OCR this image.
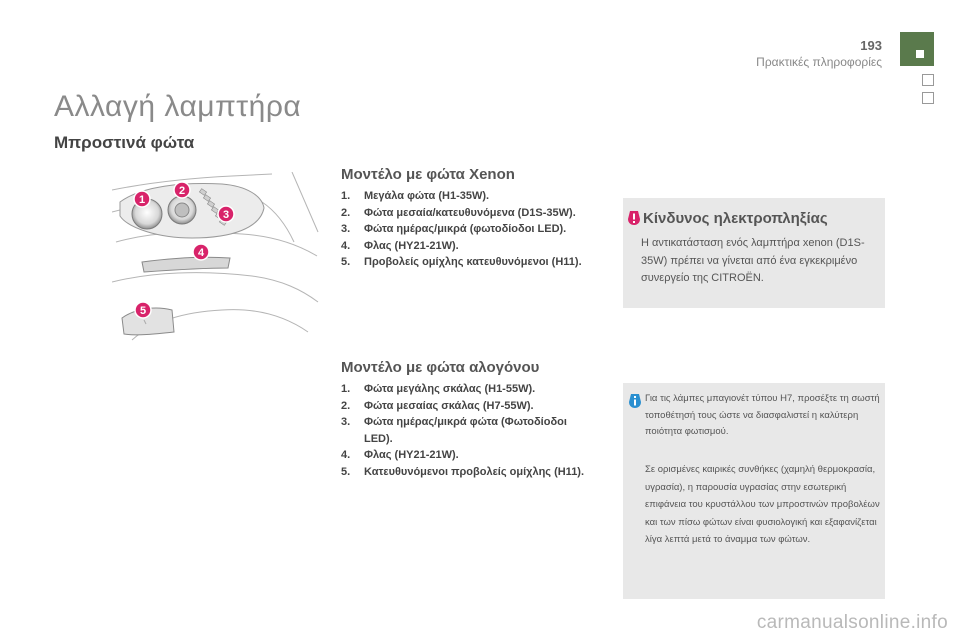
193
Πρακτικές πληροφορίες
Αλλαγή λαμπτήρα
Μπροστινά φώτα
1
2
3
4
5
Μοντέλο με φώτα Xenon
1. Μεγάλα φώτα (H1-35W).
2. Φώτα μεσαία/κατευθυνόμενα (D1S-35W).
3. Φώτα ημέρας/μικρά (φωτοδίοδοι LED).
4. Φλας (HY21-21W).
5. Προβολείς ομίχλης κατευθυνόμενοι (H11).
Μοντέλο με φώτα αλογόνου
1. Φώτα μεγάλης σκάλας (H1-55W).
2. Φώτα μεσαίας σκάλας (H7-55W).
3. Φώτα ημέρας/μικρά φώτα (Φωτοδίοδοι LED).
4. Φλας (HY21-21W).
5. Κατευθυνόμενοι προβολείς ομίχλης (H11).
Κίνδυνος ηλεκτροπληξίας
Η αντικατάσταση ενός λαμπτήρα xenon (D1S-35W) πρέπει να γίνεται από ένα εγκεκριμένο συνεργείο της CITROËN.
Για τις λάμπες μπαγιονέτ τύπου H7, προσέξτε τη σωστή τοποθέτησή τους ώστε να διασφαλιστεί η καλύτερη ποιότητα φωτισμού.
Σε ορισμένες καιρικές συνθήκες (χαμηλή θερμοκρασία, υγρασία), η παρουσία υγρασίας στην εσωτερική επιφάνεια του κρυστάλλου των μπροστινών προβολέων και των πίσω φώτων είναι φυσιολογική και εξαφανίζεται λίγα λεπτά μετά το άναμμα των φώτων.
carmanualsonline.info
